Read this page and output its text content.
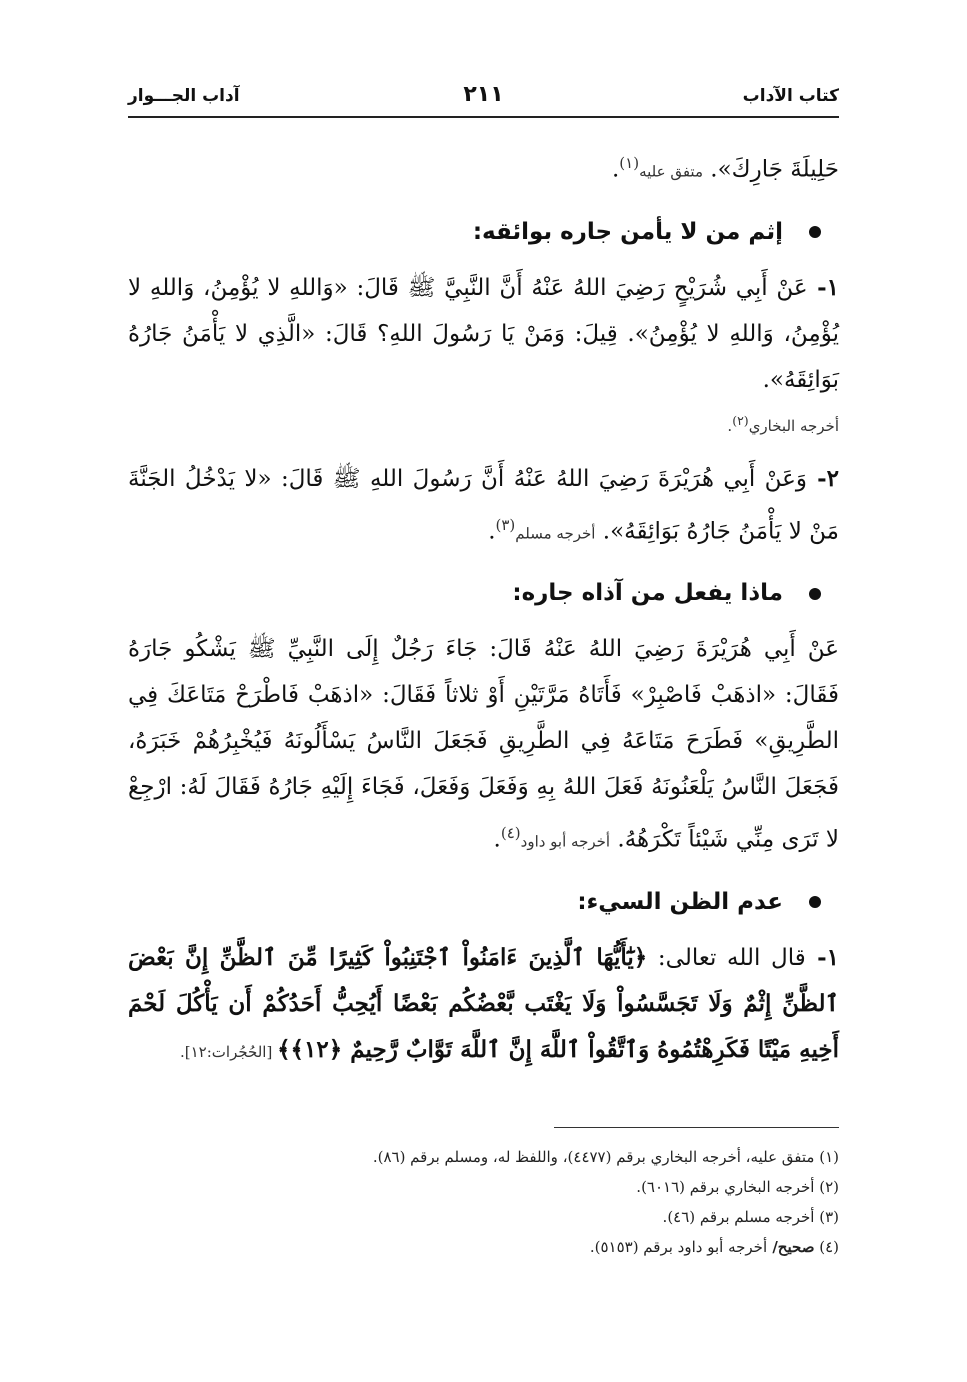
كتاب الآداب
٢١١
آداب الجـــوار

حَلِيلَةَ جَارِكَ». متفق عليه$^{(١)}$.

إثم من لا يأمن جاره بوائقه:

١- عَنْ أَبِي شُرَيْحٍ رَضِيَ اللهُ عَنْهُ أَنَّ النَّبِيَّ ﷺ قَالَ: «وَاللهِ لا يُؤْمِنُ، وَاللهِ لا يُؤْمِنُ، وَاللهِ لا يُؤْمِنُ». قِيلَ: وَمَنْ يَا رَسُولَ اللهِ؟ قَالَ: «الَّذِي لا يَأْمَنُ جَارُهُ بَوَائِقَهُ».

أخرجه البخاري$^{(٢)}$.

٢- وَعَنْ أَبِي هُرَيْرَةَ رَضِيَ اللهُ عَنْهُ أَنَّ رَسُولَ اللهِ ﷺ قَالَ: «لا يَدْخُلُ الجَنَّةَ مَنْ لا يَأْمَنُ جَارُهُ بَوَائِقَهُ». أخرجه مسلم$^{(٣)}$.

ماذا يفعل من آذاه جاره:

عَنْ أَبِي هُرَيْرَةَ رَضِيَ اللهُ عَنْهُ قَالَ: جَاءَ رَجُلٌ إِلَى النَّبِيِّ ﷺ يَشْكُو جَارَهُ فَقَالَ: «اذهَبْ فَاصْبِرْ» فَأَتَاهُ مَرَّتَيْنِ أَوْ ثلاثاً فَقَالَ: «اذهَبْ فَاطْرَحْ مَتَاعَكَ فِي الطَّرِيقِ» فَطَرَحَ مَتَاعَهُ فِي الطَّرِيقِ فَجَعَلَ النَّاسُ يَسْأَلُونَهُ فَيُخْبِرُهُمْ خَبَرَهُ، فَجَعَلَ النَّاسُ يَلْعَنُونَهُ فَعَلَ اللهُ بِهِ وَفَعَلَ وَفَعَلَ، فَجَاءَ إِلَيْهِ جَارُهُ فَقَالَ لَهُ: ارْجِعْ لا تَرَى مِنِّي شَيْئاً تَكْرَهُهُ. أخرجه أبو داود$^{(٤)}$.

عدم الظن السيء:

١- قال الله تعالى: ﴿يَٰٓأَيُّهَا ٱلَّذِينَ ءَامَنُواْ ٱجْتَنِبُواْ كَثِيرًا مِّنَ ٱلظَّنِّ إِنَّ بَعْضَ ٱلظَّنِّ إِثْمٌ وَلَا تَجَسَّسُواْ وَلَا يَغْتَب بَّعْضُكُم بَعْضًا أَيُحِبُّ أَحَدُكُمْ أَن يَأْكُلَ لَحْمَ أَخِيهِ مَيْتًا فَكَرِهْتُمُوهُ وَٱتَّقُواْ ٱللَّهَ إِنَّ ٱللَّهَ تَوَّابٌ رَّحِيمٌ ﴿١٢﴾﴾ [الحُجُرات:١٢].

(١) متفق عليه، أخرجه البخاري برقم (٤٤٧٧)، واللفظ له، ومسلم برقم (٨٦).

(٢) أخرجه البخاري برقم (٦٠١٦).

(٣) أخرجه مسلم برقم (٤٦).

(٤) صحيح/ أخرجه أبو داود برقم (٥١٥٣).
